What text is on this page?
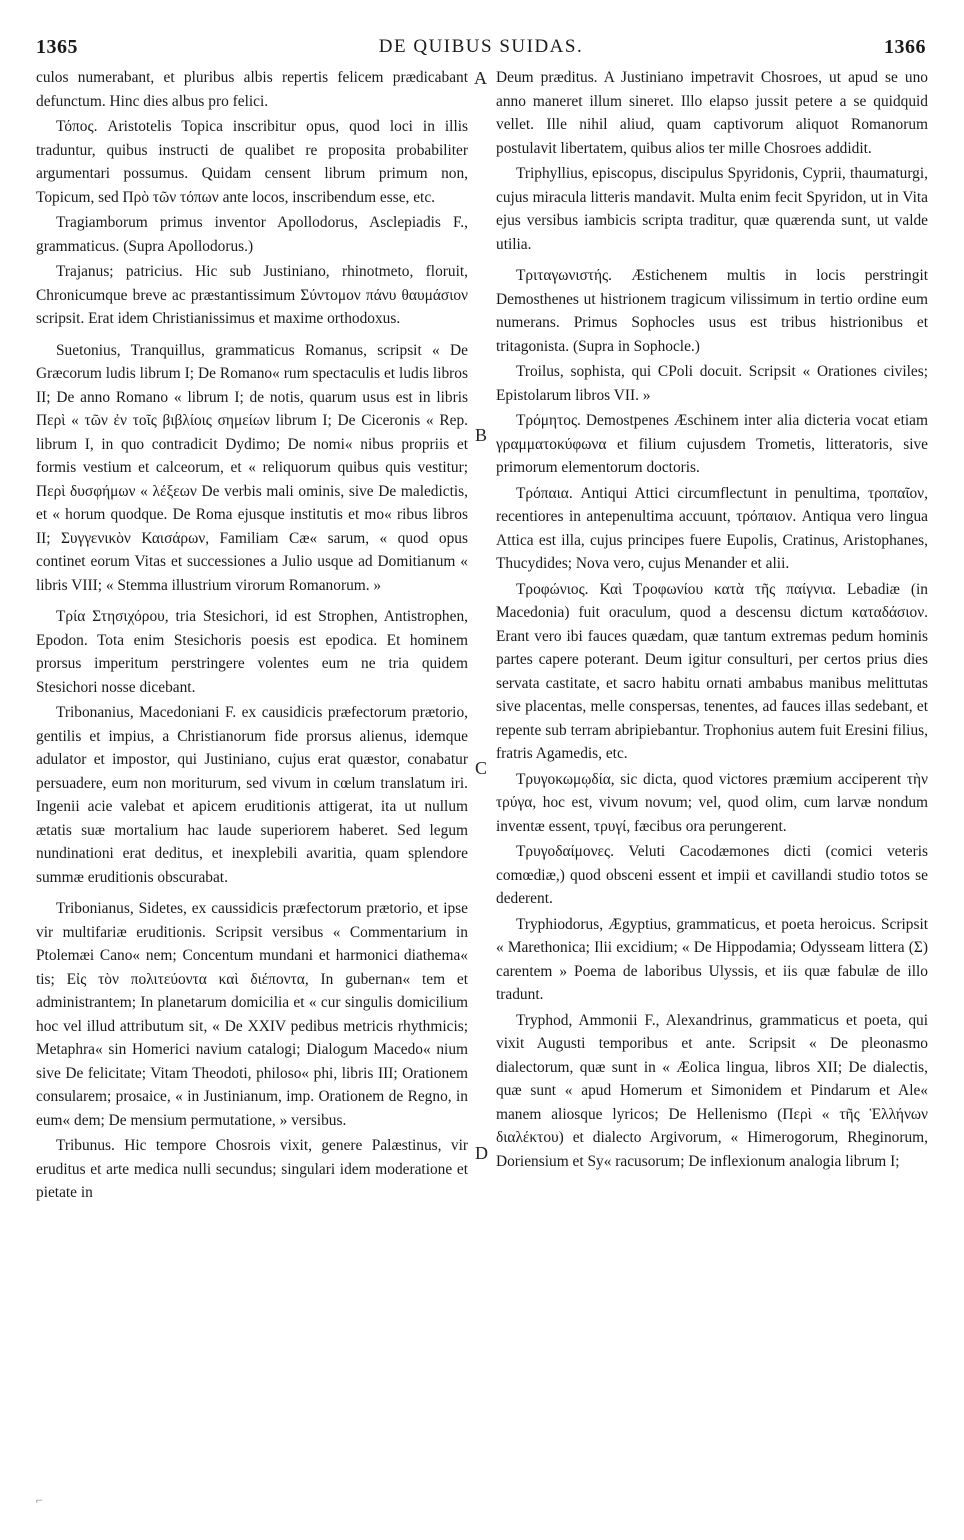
1365	DE QUIBUS SUIDAS.	1366

culos numerabant, et pluribus albis repertis felicem prædicabant defunctum. Hinc dies albus pro felici.

Τόπος. Aristotelis Topica inscribitur opus, quod loci in illis traduntur, quibus instructi de qualibet re proposita probabiliter argumentari possumus. Quidam censent librum primum non, Topicum, sed Πρὸ τῶν τόπων ante locos, inscribendum esse, etc.

Tragiamborum primus inventor Apollodorus, Asclepiadis F., grammaticus. (Supra Apollodorus.)

Trajanus; patricius. Hic sub Justiniano, rhinotmeto, floruit, Chronicumque breve ac præstantissimum Σύντομον πάνυ θαυμάσιον scripsit. Erat idem Christianissimus et maxime orthodoxus.

Suetonius, Tranquillus, grammaticus Romanus, scripsit « De Græcorum ludis librum I; De Romano« rum spectaculis et ludis libros II; De anno Romano « librum I; de notis, quarum usus est in libris Περὶ « τῶν ἐν τοῖς βιβλίοις σημείων librum I; De Ciceronis « Rep. librum I, in quo contradicit Dydimo; De nomi« nibus propriis et formis vestium et calceorum, et « reliquorum quibus quis vestitur; Περὶ δυσφήμων « λέξεων De verbis mali ominis, sive De maledictis, et « horum quodque. De Roma ejusque institutis et mo« ribus libros II; Συγγενικὸν Καισάρων, Familiam Cæ« sarum, « quod opus continet eorum Vitas et successiones a Julio usque ad Domitianum « libris VIII; « Stemma illustrium virorum Romanorum. »

Τρία Στησιχόρου, tria Stesichori, id est Strophen, Antistrophen, Epodon. Tota enim Stesichoris poesis est epodica. Et hominem prorsus imperitum perstringere volentes eum ne tria quidem Stesichori nosse dicebant.

Tribonanius, Macedoniani F. ex causidicis præfectorum prætorio, gentilis et impius, a Christianorum fide prorsus alienus, idemque adulator et impostor, qui Justiniano, cujus erat quæstor, conabatur persuadere, eum non moriturum, sed vivum in cœlum translatum iri. Ingenii acie valebat et apicem eruditionis attigerat, ita ut nullum ætatis suæ mortalium hac laude superiorem haberet. Sed legum nundinationi erat deditus, et inexplebili avaritia, quam splendore summæ eruditionis obscurabat.

Tribonianus, Sidetes, ex caussidicis præfectorum prætorio, et ipse vir multifariæ eruditionis. Scripsit versibus « Commentarium in Ptolemæi Cano« nem; Concentum mundani et harmonici diathema« tis; Εἰς τὸν πολιτεύοντα καὶ διέποντα, In gubernan« tem et administrantem; In planetarum domicilia et « cur singulis domicilium hoc vel illud attributum sit, « De XXIV pedibus metricis rhythmicis; Metaphra« sin Homerici navium catalogi; Dialogum Macedo« nium sive De felicitate; Vitam Theodoti, philoso« phi, libris III; Orationem consularem; prosaice, « in Justinianum, imp. Orationem de Regno, in eum« dem; De mensium permutatione, » versibus.

Tribunus. Hic tempore Chosrois vixit, genere Palæstinus, vir eruditus et arte medica nulli secundus; singulari idem moderatione et pietate in

Deum præditus. A Justiniano impetravit Chosroes, ut apud se uno anno maneret illum sineret. Illo elapso jussit petere a se quidquid vellet. Ille nihil aliud, quam captivorum aliquot Romanorum postulavit libertatem, quibus alios ter mille Chosroes addidit.

Triphyllius, episcopus, discipulus Spyridonis, Cyprii, thaumaturgi, cujus miracula litteris mandavit. Multa enim fecit Spyridon, ut in Vita ejus versibus iambicis scripta traditur, quæ quærenda sunt, ut valde utilia.

Τριταγωνιστής. Æstichenem multis in locis perstringit Demosthenes ut histrionem tragicum vilissimum in tertio ordine eum numerans. Primus Sophocles usus est tribus histrionibus et tritagonista. (Supra in Sophocle.)

Troilus, sophista, qui CPoli docuit. Scripsit « Orationes civiles; Epistolarum libros VII. »

Τρόμητος. Demostpenes Æschinem inter alia dicteria vocat etiam γραμματοκύφωνα et filium cujusdem Trometis, litteratoris, sive primorum elementorum doctoris.

Τρόπαια. Antiqui Attici circumflectunt in penultima, τροπαῖον, recentiores in antepenultima accuunt, τρόπαιον. Antiqua vero lingua Attica est illa, cujus principes fuere Eupolis, Cratinus, Aristophanes, Thucydides; Nova vero, cujus Menander et alii.

Τροφώνιος. Καὶ Τροφωνίου κατὰ τῆς παίγνια. Lebadiæ (in Macedonia) fuit oraculum, quod a descensu dictum καταδάσιον. Erant vero ibi fauces quædam, quæ tantum extremas pedum hominis partes capere poterant. Deum igitur consulturi, per certos prius dies servata castitate, et sacro habitu ornati ambabus manibus melittutas sive placentas, melle conspersas, tenentes, ad fauces illas sedebant, et repente sub terram abripiebantur. Trophonius autem fuit Eresini filius, fratris Agamedis, etc.

Τρυγοκωμῳδία, sic dicta, quod victores præmium acciperent τὴν τρύγα, hoc est, vivum novum; vel, quod olim, cum larvæ nondum inventæ essent, τρυγί, fæcibus ora perungerent.

Τρυγοδαίμονες. Veluti Cacodæmones dicti (comici veteris comœdiæ,) quod obsceni essent et impii et cavillandi studio totos se dederent.

Tryphiodorus, Ægyptius, grammaticus, et poeta heroicus. Scripsit « Marethonica; Ilii excidium; « De Hippodamia; Odysseam littera (Σ) carentem » Poema de laboribus Ulyssis, et iis quæ fabulæ de illo tradunt.

Tryphod, Ammonii F., Alexandrinus, grammaticus et poeta, qui vixit Augusti temporibus et ante. Scripsit « De pleonasmo dialectorum, quæ sunt in « Æolica lingua, libros XII; De dialectis, quæ sunt « apud Homerum et Simonidem et Pindarum et Ale« manem aliosque lyricos; De Hellenismo (Περὶ « τῆς Ἑλλήνων διαλέκτου) et dialecto Argivorum, « Himerogorum, Rheginorum, Doriensium et Sy« racusorum; De inflexionum analogia librum I;

A
B
C
D
⌐
